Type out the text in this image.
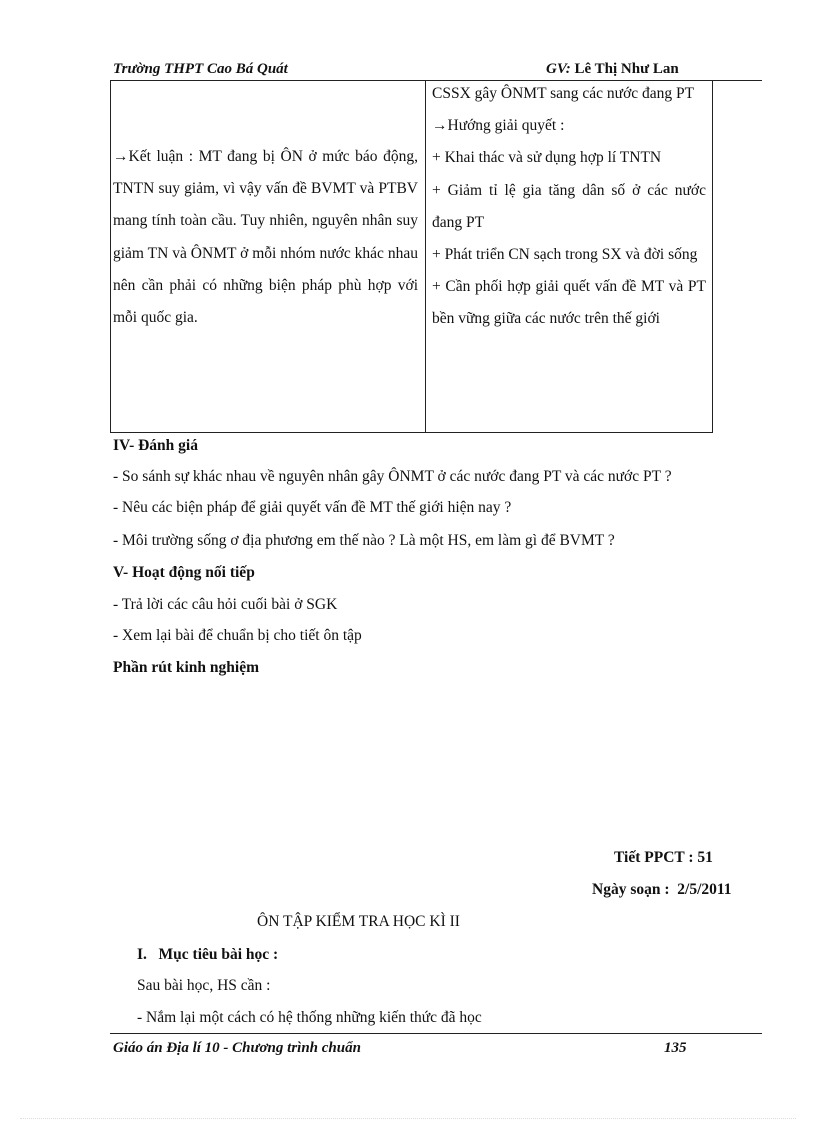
Trường THPT Cao Bá Quát	GV: Lê Thị Như Lan
→Kết luận : MT đang bị ÔN ở mức báo động, TNTN suy giảm, vì vậy vấn đề BVMT và PTBV mang tính toàn cầu. Tuy nhiên, nguyên nhân suy giảm TN và ÔNMT ở mỗi nhóm nước khác nhau nên cần phải có những biện pháp phù hợp với mỗi quốc gia.
CSSX gây ÔNMT sang các nước đang PT
→Hướng giải quyết :
+ Khai thác và sử dụng hợp lí TNTN
+ Giảm tỉ lệ gia tăng dân số ở các nước đang PT
+ Phát triển CN sạch trong SX và đời sống
+ Cần phối hợp giải quết vấn đề MT và PT bền vững giữa các nước trên thế giới
IV- Đánh giá
- So sánh sự khác nhau về nguyên nhân gây ÔNMT ở các nước đang PT và các nước PT ?
- Nêu các biện pháp để giải quyết vấn đề MT thế giới hiện nay ?
- Môi trường sống ơ địa phương em thế nào ? Là một HS, em làm gì để BVMT ?
V- Hoạt động nối tiếp
- Trả lời các câu hỏi cuối bài ở SGK
- Xem lại bài để chuẩn bị cho tiết ôn tập
Phần rút kinh nghiệm
Tiết PPCT : 51
Ngày soạn :  2/5/2011
ÔN TẬP KIỂM TRA HỌC KÌ II
I.   Mục tiêu bài học :
Sau bài học, HS cần :
- Nắm lại một cách có hệ thống những kiến thức đã học
Giáo án Địa lí 10 - Chương trình chuẩn	135
